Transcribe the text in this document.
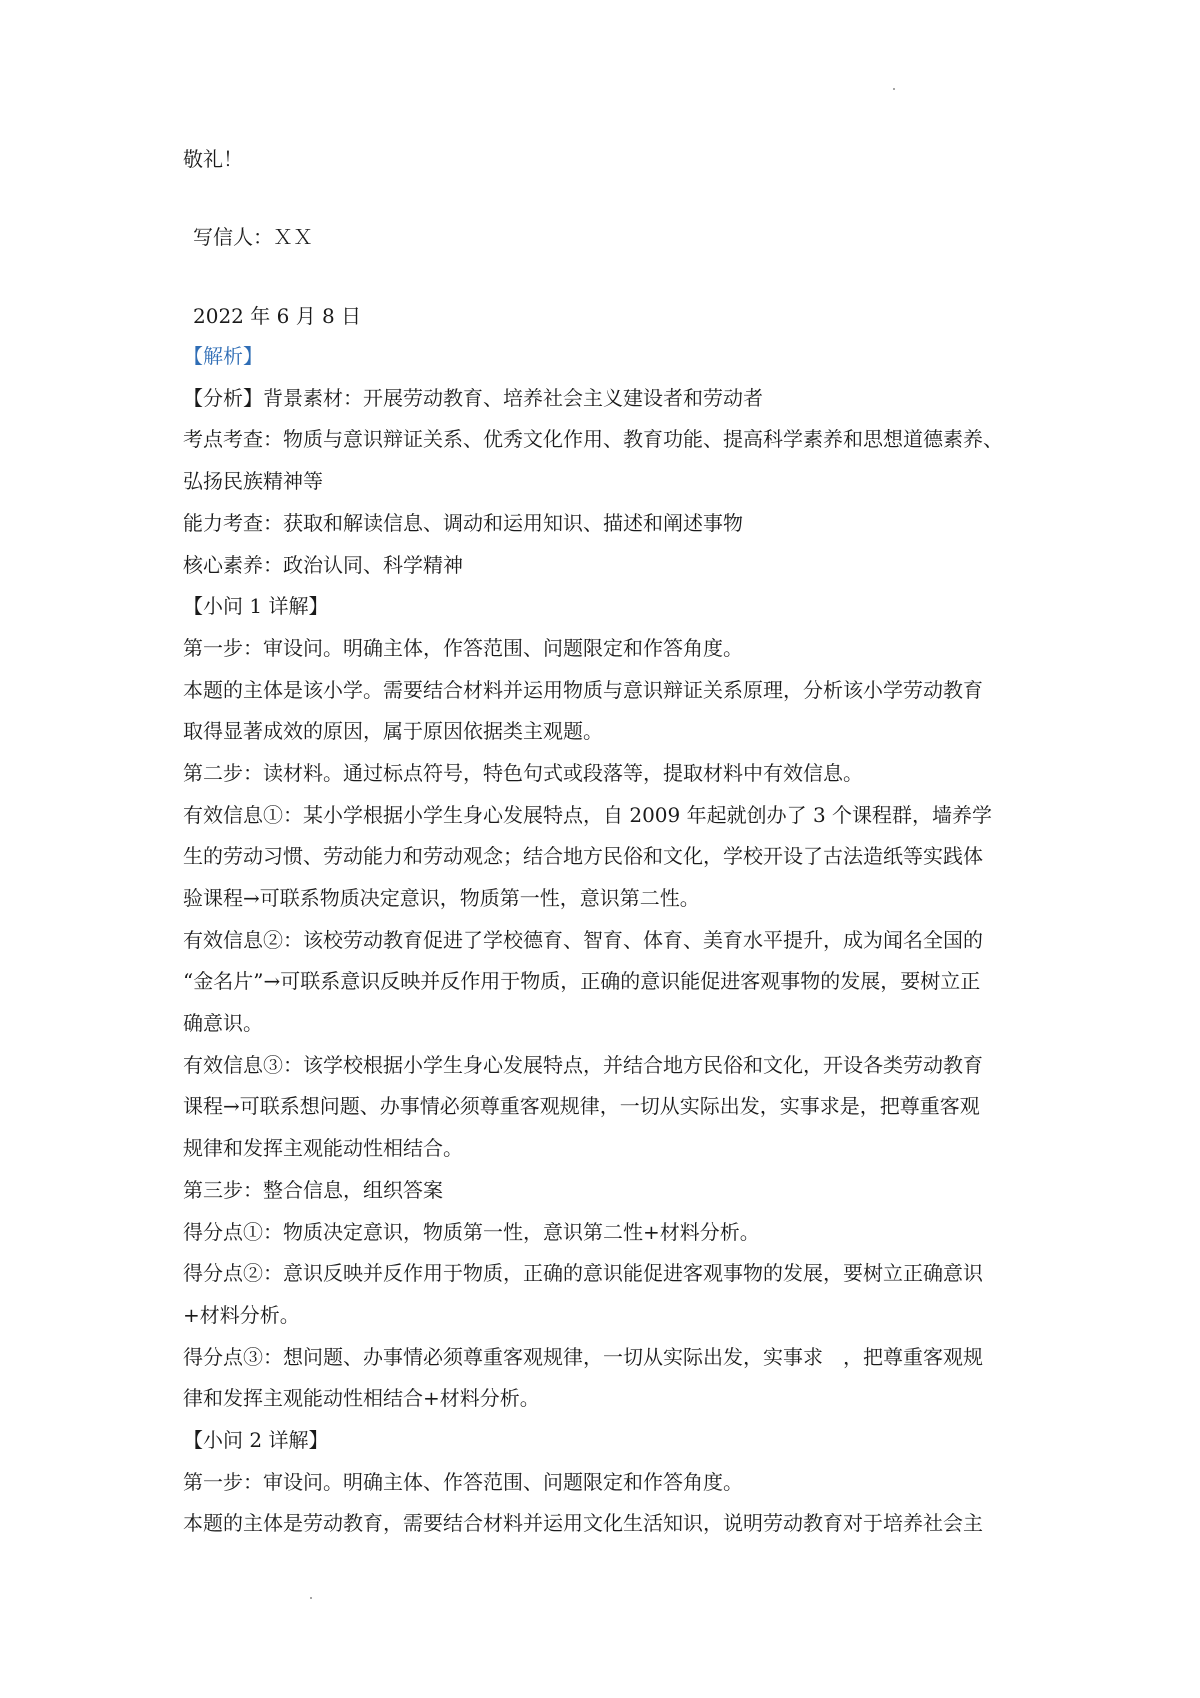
敬礼！
写信人：ＸＸ
2022 年 6 月 8 日
【解析】
【分析】背景素材：开展劳动教育、培养社会主义建设者和劳动者
考点考查：物质与意识辩证关系、优秀文化作用、教育功能、提高科学素养和思想道德素养、
弘扬民族精神等
能力考查：获取和解读信息、调动和运用知识、描述和阐述事物
核心素养：政治认同、科学精神
【小问 1 详解】
第一步：审设问。明确主体，作答范围、问题限定和作答角度。
本题的主体是该小学。需要结合材料并运用物质与意识辩证关系原理，分析该小学劳动教育
取得显著成效的原因，属于原因依据类主观题。
第二步：读材料。通过标点符号，特色句式或段落等，提取材料中有效信息。
有效信息①：某小学根据小学生身心发展特点，自 2009 年起就创办了 3 个课程群，墙养学
生的劳动习惯、劳动能力和劳动观念；结合地方民俗和文化，学校开设了古法造纸等实践体
验课程→可联系物质决定意识，物质第一性，意识第二性。
有效信息②：该校劳动教育促进了学校德育、智育、体育、美育水平提升，成为闻名全国的
“金名片”→可联系意识反映并反作用于物质，正确的意识能促进客观事物的发展，要树立正
确意识。
有效信息③：该学校根据小学生身心发展特点，并结合地方民俗和文化，开设各类劳动教育
课程→可联系想问题、办事情必须尊重客观规律，一切从实际出发，实事求是，把尊重客观
规律和发挥主观能动性相结合。
第三步：整合信息，组织答案
得分点①：物质决定意识，物质第一性，意识第二性+材料分析。
得分点②：意识反映并反作用于物质，正确的意识能促进客观事物的发展，要树立正确意识
+材料分析。
得分点③：想问题、办事情必须尊重客观规律，一切从实际出发，实事求　，把尊重客观规
律和发挥主观能动性相结合+材料分析。
【小问 2 详解】
第一步：审设问。明确主体、作答范围、问题限定和作答角度。
本题的主体是劳动教育，需要结合材料并运用文化生活知识，说明劳动教育对于培养社会主
